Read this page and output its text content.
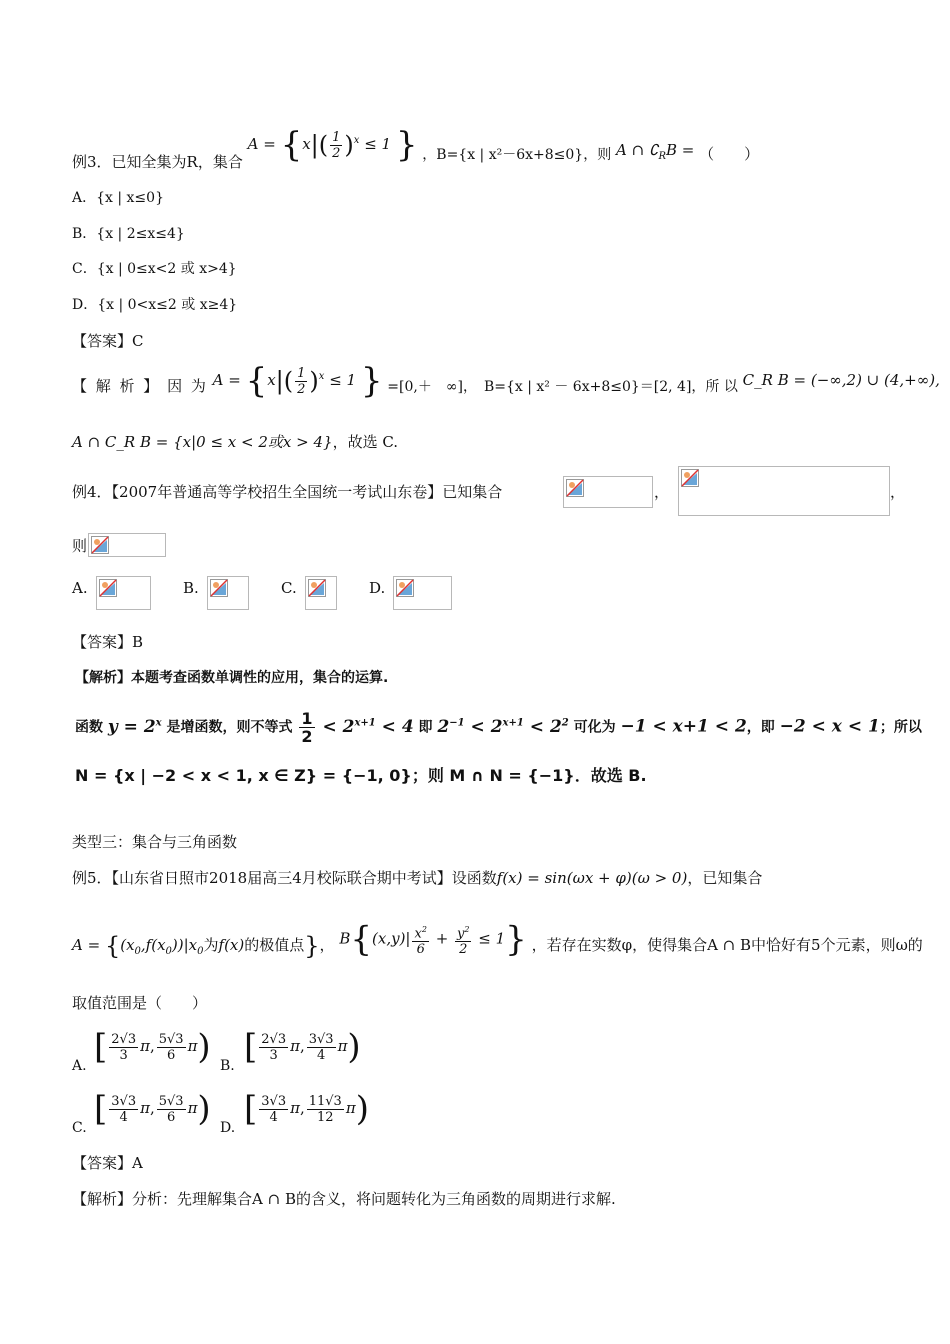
例3．已知全集为R，集合 $A = \{x|( \frac{1}{2} )^x \le 1$ } ，B={x | x²－6x+8≤0}，则 A ∩ $∁_RB$ = （　　）
A．{x | x≤0}
B．{x | 2≤x≤4}
C．{x | 0≤x<2 或 x>4}
D．{x | 0<x≤2 或 x≥4}
【答案】C
【 解 析 】 因 为 $A = \{x|( \frac{1}{2} )^x \le 1$ } =[0,＋　∞]，　B={x | x² － 6x+8≤0}＝[2, 4]，所 以 C_R B = (−∞,2) ∪ (4,+∞),
A ∩ C_R B = {x|0 ≤ x < 2或x > 4}，故选 C.
例4．【2007年普通高等学校招生全国统一考试山东卷】已知集合	，	，
则
A.	B.	C.	D.
【答案】B
【解析】本题考查函数单调性的应用，集合的运算.
函数 $y = 2^x$ 是增函数，则不等式 $\frac{1}{2} < 2^{x+1} < 4$ 即 $2^{-1} < 2^{x+1} < 2^2$ 可化为 −1 < x+1 < 2，即 −2 < x < 1；所以
N = {x | −2 < x < 1, x ∈ Z} = {−1, 0}；则 M ∩ N = {−1}．故选 B.
类型三：集合与三角函数
例5．【山东省日照市2018届高三4月校际联合期中考试】设函数f(x) = sin(ωx + φ)(ω > 0)，已知集合
$A = \{(x_0,f(x_0))|x_0$为f(x)的极值点}， $B\{(x,y)| \frac{x^2}{6} + \frac{y^2}{2} \le 1\}$ ，若存在实数φ，使得集合A ∩ B中恰好有5个元素，则ω的
取值范围是（　　）
A. [ $\frac{2√3}{3} \pi$, $\frac{5√3}{6} \pi$) B. [ $\frac{2√3}{3} \pi$, $\frac{3√3}{4} \pi$)
C. [ $\frac{3√3}{4} \pi$, $\frac{5√3}{6} \pi$) D. [ $\frac{3√3}{4} \pi$, $\frac{11√3}{12} \pi$)
【答案】A
【解析】分析：先理解集合A ∩ B的含义，将问题转化为三角函数的周期进行求解.
